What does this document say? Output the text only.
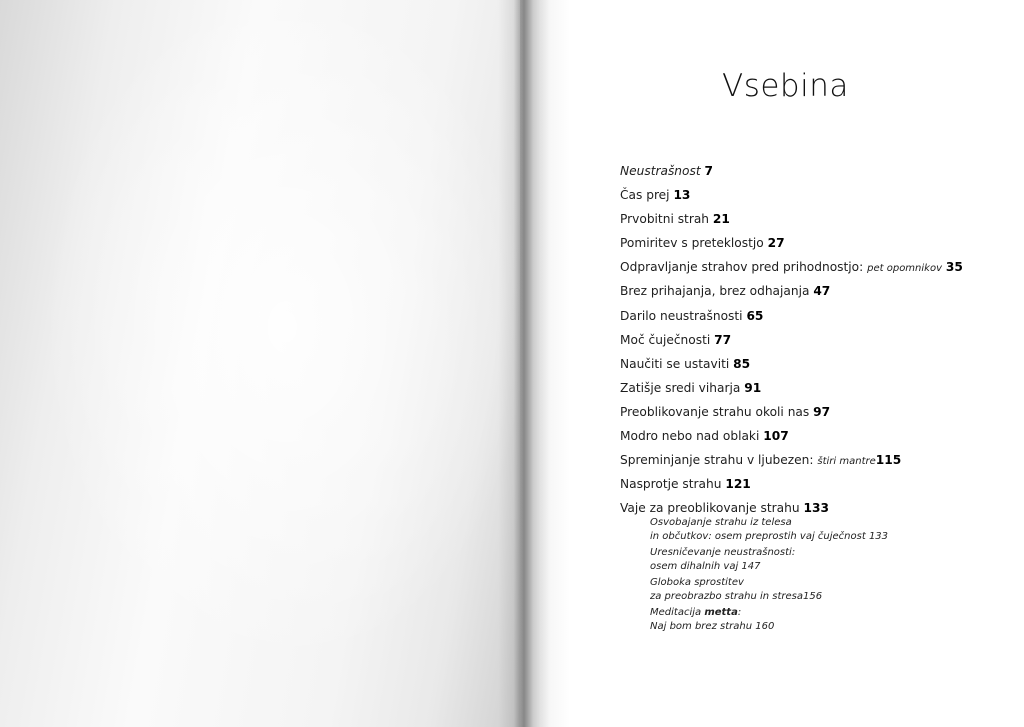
Vsebina
Neustrašnost 7
Čas prej 13
Prvobitni strah 21
Pomiritev s preteklostjo 27
Odpravljanje strahov pred prihodnostjo: pet opomnikov 35
Brez prihajanja, brez odhajanja 47
Darilo neustrašnosti 65
Moč čuječnosti 77
Naučiti se ustaviti 85
Zatišje sredi viharja 91
Preoblikovanje strahu okoli nas 97
Modro nebo nad oblaki 107
Spreminjanje strahu v ljubezen: štiri mantre115
Nasprotje strahu 121
Vaje za preoblikovanje strahu 133
Osvobajanje strahu iz telesa
in občutkov: osem preprostih vaj čuječnost 133
Uresničevanje neustrašnosti:
osem dihalnih vaj 147
Globoka sprostitev
za preobrazbo strahu in stresa156
Meditacija metta:
Naj bom brez strahu 160
